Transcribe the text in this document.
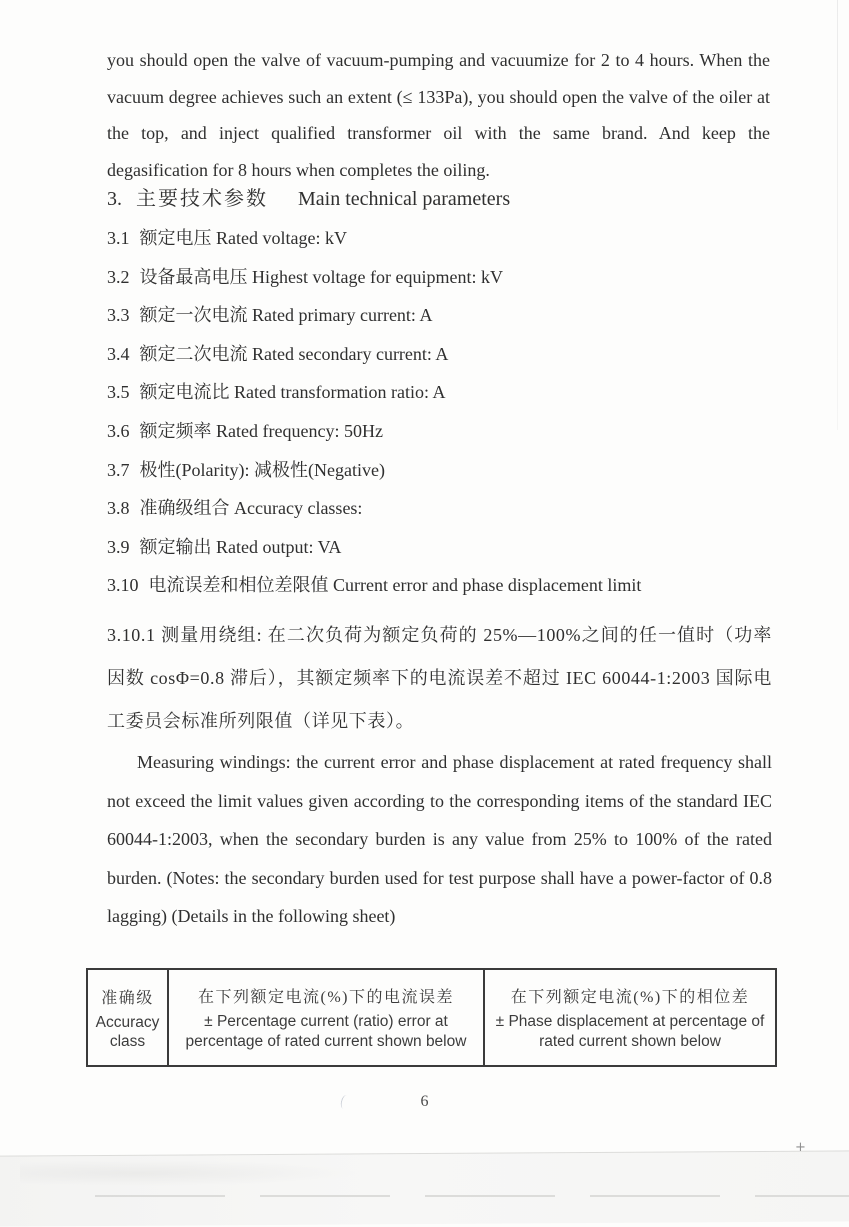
you should open the valve of vacuum-pumping and vacuumize for 2 to 4 hours. When the vacuum degree achieves such an extent (≤ 133Pa), you should open the valve of the oiler at the top, and inject qualified transformer oil with the same brand. And keep the degasification for 8 hours when completes the oiling.
3. 主要技术参数 Main technical parameters
3.1 额定电压 Rated voltage: kV
3.2 设备最高电压 Highest voltage for equipment: kV
3.3 额定一次电流 Rated primary current: A
3.4 额定二次电流 Rated secondary current: A
3.5 额定电流比 Rated transformation ratio: A
3.6 额定频率 Rated frequency: 50Hz
3.7 极性(Polarity): 减极性(Negative)
3.8 准确级组合 Accuracy classes:
3.9 额定输出 Rated output: VA
3.10 电流误差和相位差限值 Current error and phase displacement limit
3.10.1 测量用绕组: 在二次负荷为额定负荷的 25%—100%之间的任一值时（功率因数 cosΦ=0.8 滞后），其额定频率下的电流误差不超过 IEC 60044-1:2003 国际电工委员会标准所列限值（详见下表）。
Measuring windings: the current error and phase displacement at rated frequency shall not exceed the limit values given according to the corresponding items of the standard IEC 60044-1:2003, when the secondary burden is any value from 25% to 100% of the rated burden. (Notes: the secondary burden used for test purpose shall have a power-factor of 0.8 lagging) (Details in the following sheet)
准确级
Accuracy class
在下列额定电流(%)下的电流误差
± Percentage current (ratio) error at percentage of rated current shown below
在下列额定电流(%)下的相位差
± Phase displacement at percentage of rated current shown below
6
+
